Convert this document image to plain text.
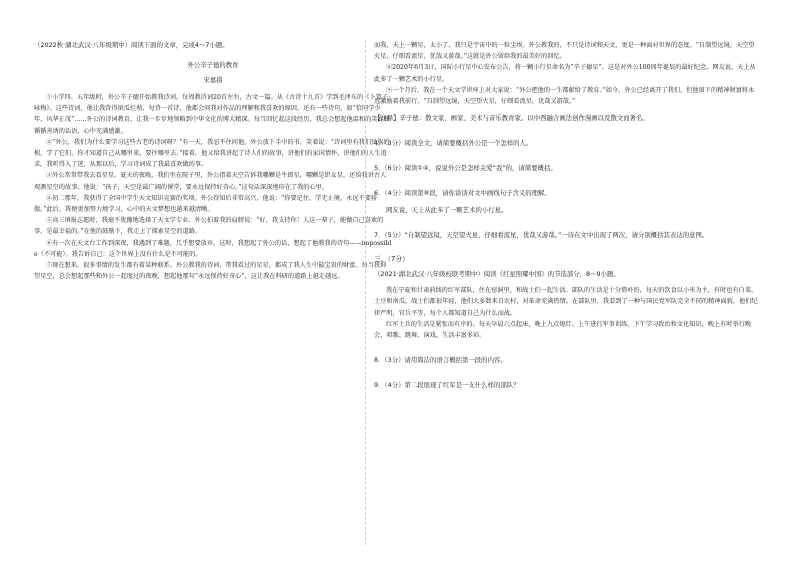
（2022秋·湖北武汉·八年级期中）阅读下面的文章，完成4～7小题。

外公辛子德的教育

宋嘉措

①小学四、五年级时，外公辛子德开始教我诗词。每周教诗词20首左右，古文一篇。从《古诗十九首》学到毛泽东的《卜算子·咏梅》。这些诗词，他让我背得滚瓜烂熟，每背一首诗，他都会问我对作品的理解和我喜欢的原因。还有一些诗句，如“恰同学少年，风华正茂”……外公的诗词教育，让我一步步地领略到中华文化的博大精深。每当回忆起这段经历，我总会想起他温和的笑容和循循善诱的话语，心中充满感激。

②“外公，我们为什么要学习这些古老的诗词呀？”有一天，我忍不住问他。外公放下手中的书，笑着说：“诗词里有我们民族的根，学了它们，你才知道自己从哪里来，要往哪里去。”接着，他又给我讲起了诗人们的故事，讲他们的家国情怀，讲他们的人生追求。我听得入了迷，从那以后，学习诗词成了我最喜欢做的事。

③外公常常带我去看星星。夏天的夜晚，我们坐在院子里，外公指着天空告诉我哪颗是牛郎星，哪颗是织女星，还给我讲古人观测星空的故事。他说：“孩子，天空是最广阔的课堂，要永远保持好奇心。”这句话深深地印在了我的心里。

④初二那年，我获得了全国中学生天文知识竞赛的奖项。外公得知后非常高兴，他说：“你要记住，学无止境，永远不要骄傲。”此后，我便更加努力地学习，心中的天文梦想也越来越清晰。

⑤高三填报志愿时，我毫不犹豫地选择了天文学专业。外公拍着我的肩膀说：“好，我支持你！人这一辈子，能做自己喜欢的事，是最幸福的。”在他的鼓励下，我走上了探索星空的道路。

⑥有一次在天文台工作到深夜，我遇到了难题，几乎想要放弃。这时，我想起了外公的话，想起了他教我的诗句——impossible（不可能）。我告诉自己：这个世界上没有什么是不可能的。

⑦现在想来，很多事情的发生都有着某种联系。外公教我的诗词、带我看过的星星，都成了我人生中最宝贵的财富。每当我仰望星空，总会想起那些和外公一起度过的夜晚，想起他那句“永远保持好奇心”，这让我在科研的道路上越走越远。

而我，天上一颗星，太小了，我只是宇宙中的一粒尘埃。外公教我的，不只是诗词和天文，更是一种面对世界的态度。“自制望远镜，天空望火星，仔细看流星，优哉又游哉。”这就是外公留给我的最美好的回忆。

⑧2020年6月3日，国际小行星中心发布公告，将一颗小行星命名为“辛子德星”。这是对外公100周年诞辰的最好纪念。网友说，天上从此多了一颗艺术的小行星。

⑨一个月后，我在一个天文学讲座上对大家说：“外公把他的一生都献给了教育。”如今，外公已经离开了我们，但他留下的精神财富将永远激励着我前行。“自制望远镜，天空望火星，仔细看流星，优哉又游哉。”

【注释】辛子德：散文家、画家、美术与音乐教育家。以中西融合画法创作漫画以及散文而著名。

4．（3分）阅读全文，请简要概括外公是一个怎样的人。

5．（6分）阅读①④，说说外公是怎样关爱“我”的，请简要概括。

6．（4分）阅读第⑧段，请你谈谈对文中画线句子含义的理解。

网友说，天上从此多了一颗艺术的小行星。

7．（5分）“自制望远镜，天空望火星，仔细看流星，优哉又游哉。”一诗在文中出现了两次，请分别概括其表达的意图。

三、（7分）

（2021·湖北武汉·八年级校联考期中）阅读《红星照耀中国》的节选部分，8～9小题。

我在宁夏和甘肃前线的红军部队，住在窑洞里，和战士们一起生活。部队的生活是十分简朴的，每天的饮食以小米为主，有时也有白菜、土豆和南瓜。战士们都很年轻，他们大多数来自农村，对革命充满热情。在部队里，我看到了一种与国民党军队完全不同的精神面貌，他们纪律严明，官兵平等，每个人都知道自己为什么而战。

红军士兵的生活是紧张而有序的。每天早晨六点起床，晚上九点熄灯。上午进行军事训练，下午学习政治和文化知识，晚上有时举行晚会，唱歌、跳舞、演戏，生活丰富多彩。

8．（3分）请用简洁的语言概括第一段的内容。

9．（4分）第二段展现了红军是一支什么样的部队？
